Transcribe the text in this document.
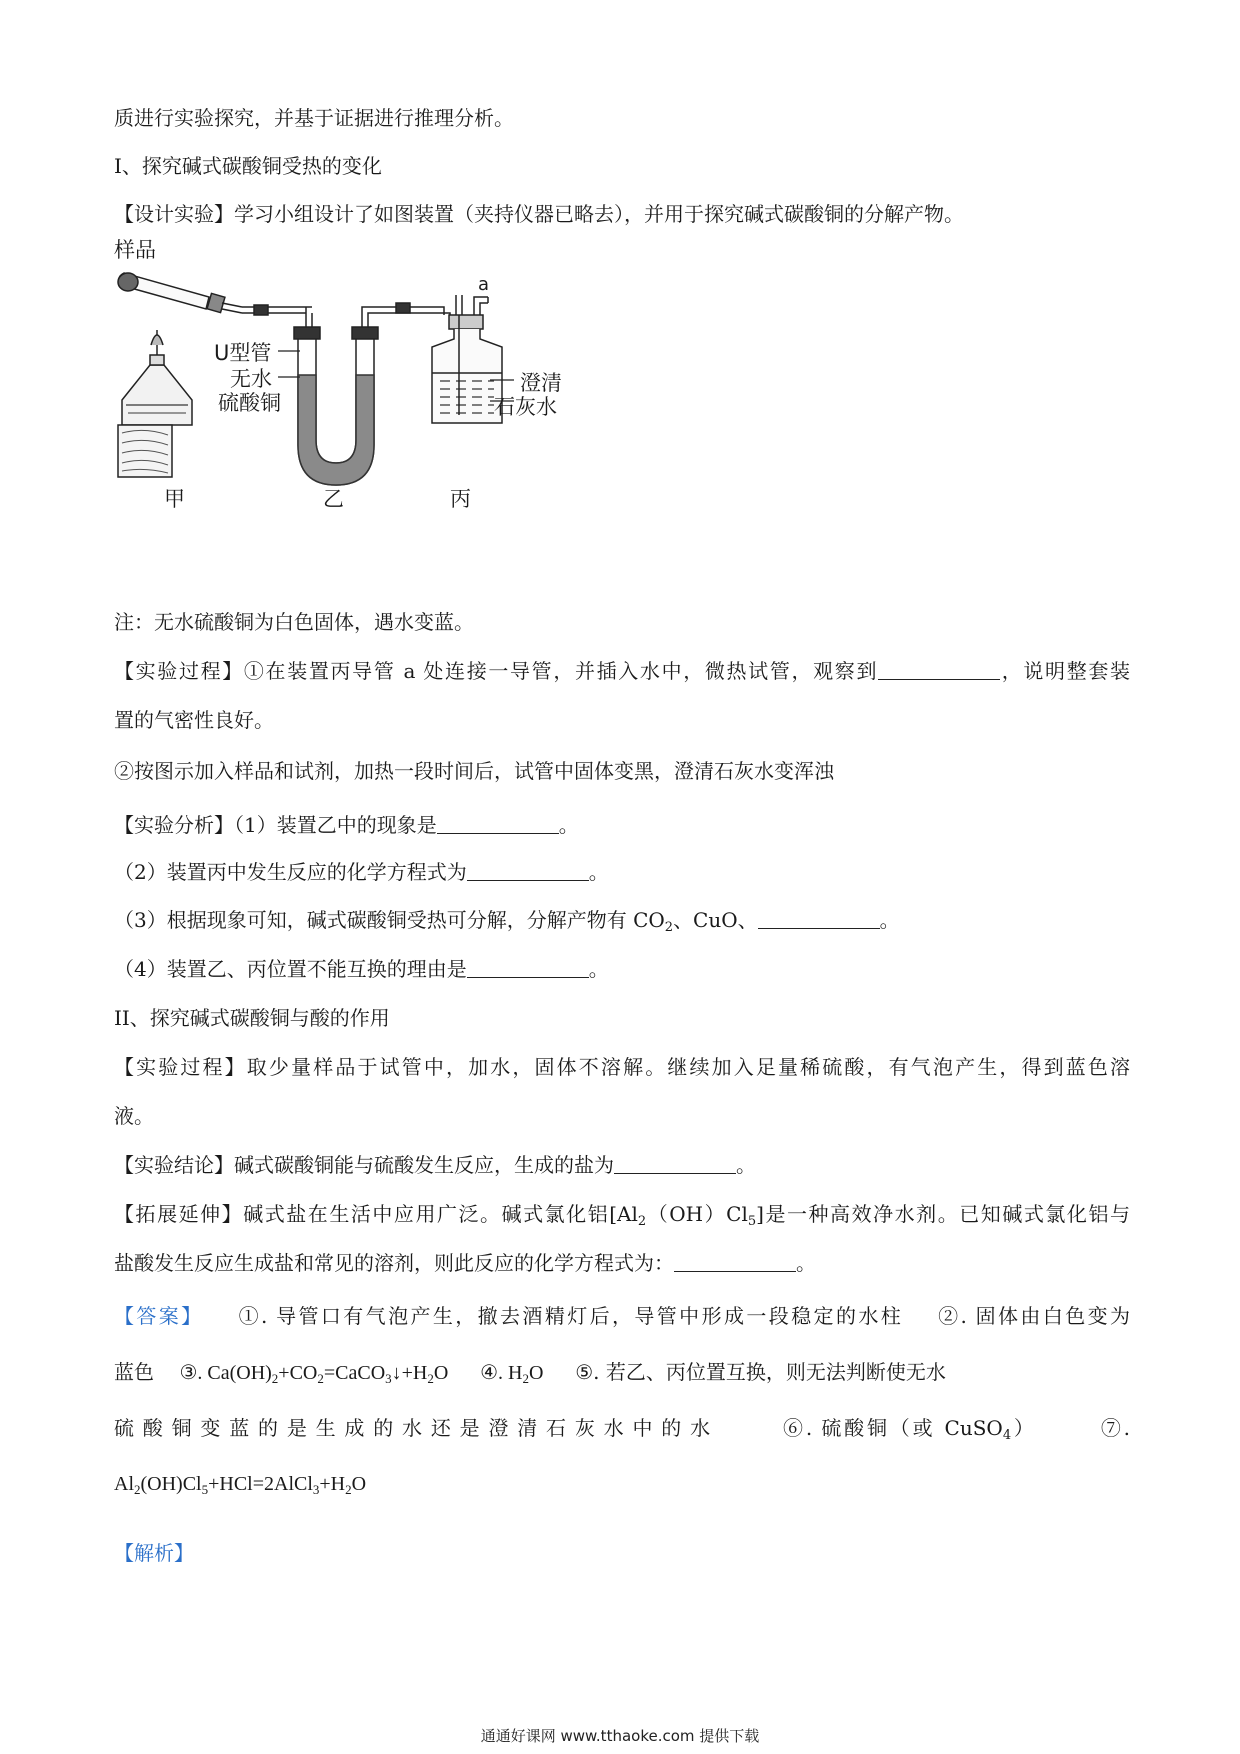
质进行实验探究，并基于证据进行推理分析。
I、探究碱式碳酸铜受热的变化
【设计实验】学习小组设计了如图装置（夹持仪器已略去），并用于探究碱式碳酸铜的分解产物。
样品
a
U型管
无水
硫酸铜
澄清
石灰水
甲	乙	丙
注：无水硫酸铜为白色固体，遇水变蓝。
【实验过程】①在装置丙导管 a 处连接一导管，并插入水中，微热试管，观察到	，说明整套装
置的气密性良好。
②按图示加入样品和试剂，加热一段时间后，试管中固体变黑，澄清石灰水变浑浊
【实验分析】（1）装置乙中的现象是	。
（2）装置丙中发生反应的化学方程式为	。
（3）根据现象可知，碱式碳酸铜受热可分解，分解产物有 $CO_2$、CuO、	。
（4）装置乙、丙位置不能互换的理由是	。
II、探究碱式碳酸铜与酸的作用
【实验过程】取少量样品于试管中，加水，固体不溶解。继续加入足量稀硫酸，有气泡产生，得到蓝色溶
液。
【实验结论】碱式碳酸铜能与硫酸发生反应，生成的盐为	。
【拓展延伸】碱式盐在生活中应用广泛。碱式氯化铝$[Al_2(OH)Cl_5]$是一种高效净水剂。已知碱式氯化铝与
盐酸发生反应生成盐和常见的溶剂，则此反应的化学方程式为：	。
【答案】 ①. 导管口有气泡产生，撤去酒精灯后，导管中形成一段稳定的水柱 ②. 固体由白色变为
蓝色 ③. $Ca(OH)_2+CO_2=CaCO_3↓+H_2O$ ④. $H_2O$ ⑤. 若乙、丙位置互换，则无法判断使无水
硫酸铜变蓝的是生成的水还是澄清石灰水中的水	⑥. 硫酸铜（或 CuSO$_4$）	⑦.
$Al_2(OH)Cl_5+HCl=2AlCl_3+H_2O$
【解析】
通通好课网 www.tthaoke.com 提供下载
